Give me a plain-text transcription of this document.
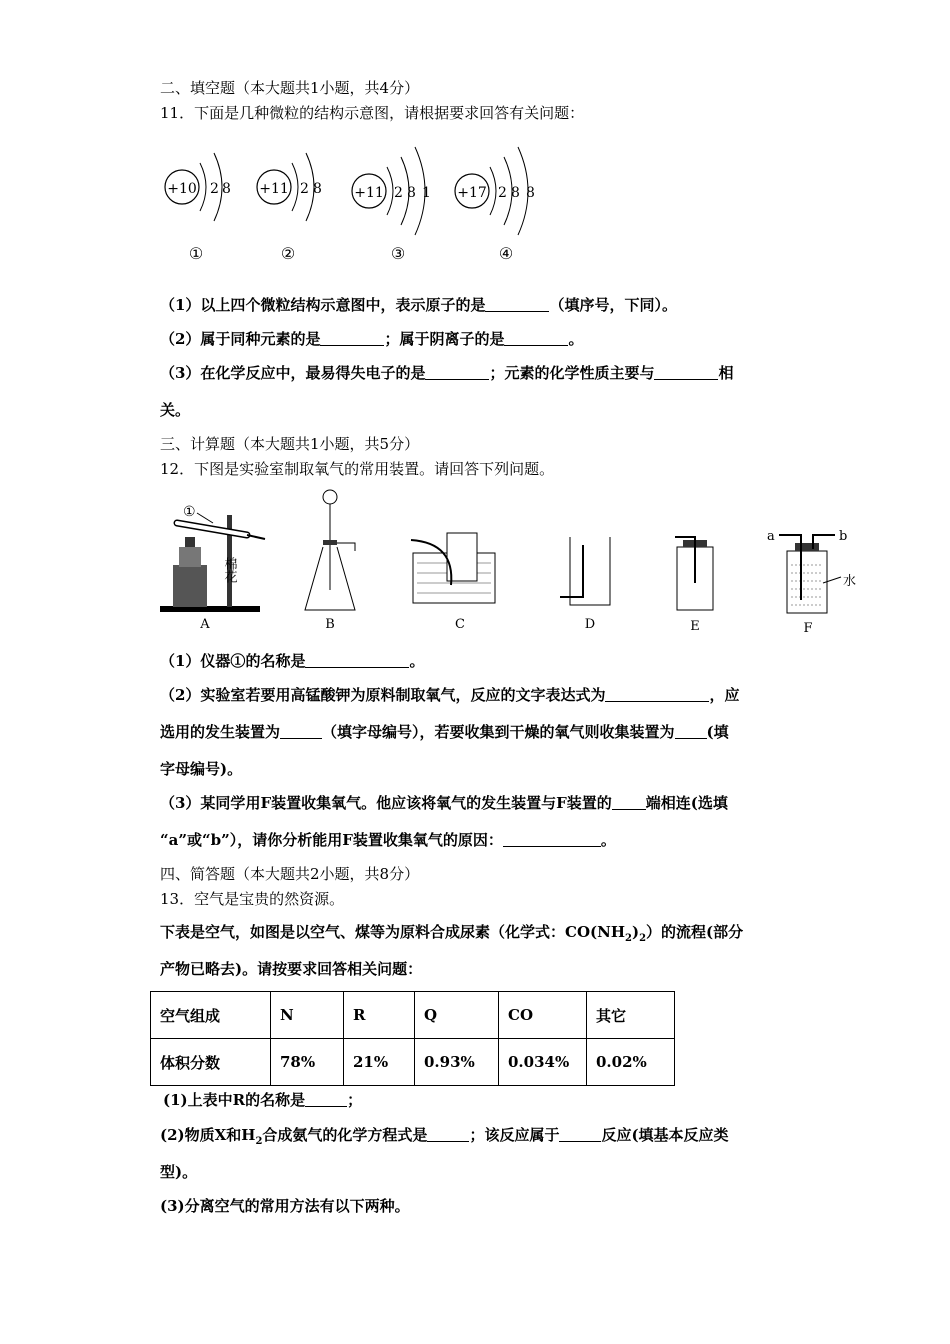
二、填空题（本大题共1小题，共4分）
11．下面是几种微粒的结构示意图，请根据要求回答有关问题：
+10 2 8
①
+11 2 8
②
+11 2 8 1
③
+17 2 8 8
④
（1）以上四个微粒结构示意图中，表示原子的是	（填序号，下同）。
（2）属于同种元素的是	；属于阴离子的是	。
（3）在化学反应中，最易得失电子的是	；元素的化学性质主要与	相
关。
三、计算题（本大题共1小题，共5分）
12．下图是实验室制取氧气的常用装置。请回答下列问题。
①
棉花
A	B	C	D	E
a	b
水
F
（1）仪器①的名称是	。
（2）实验室若要用高锰酸钾为原料制取氧气，反应的文字表达式为	，应
选用的发生装置为	（填字母编号），若要收集到干燥的氧气则收集装置为 (填
字母编号)。
（3）某同学用F装置收集氧气。他应该将氧气的发生装置与F装置的 端相连(选填
“a”或“b”），请你分析能用F装置收集氧气的原因：	。
四、简答题（本大题共2小题，共8分）
13．空气是宝贵的然资源。
下表是空气，如图是以空气、煤等为原料合成尿素（化学式：$CO(NH_2)_2$）的流程(部分
产物已略去)。请按要求回答相关问题：
空气组成	N	R	Q	CO	其它
体积分数	78%	21%	0.93%	0.034%	0.02%
(1)上表中R的名称是	；
(2)物质X和$H_2$合成氨气的化学方程式是	；该反应属于	反应(填基本反应类
型)。
(3)分离空气的常用方法有以下两种。
